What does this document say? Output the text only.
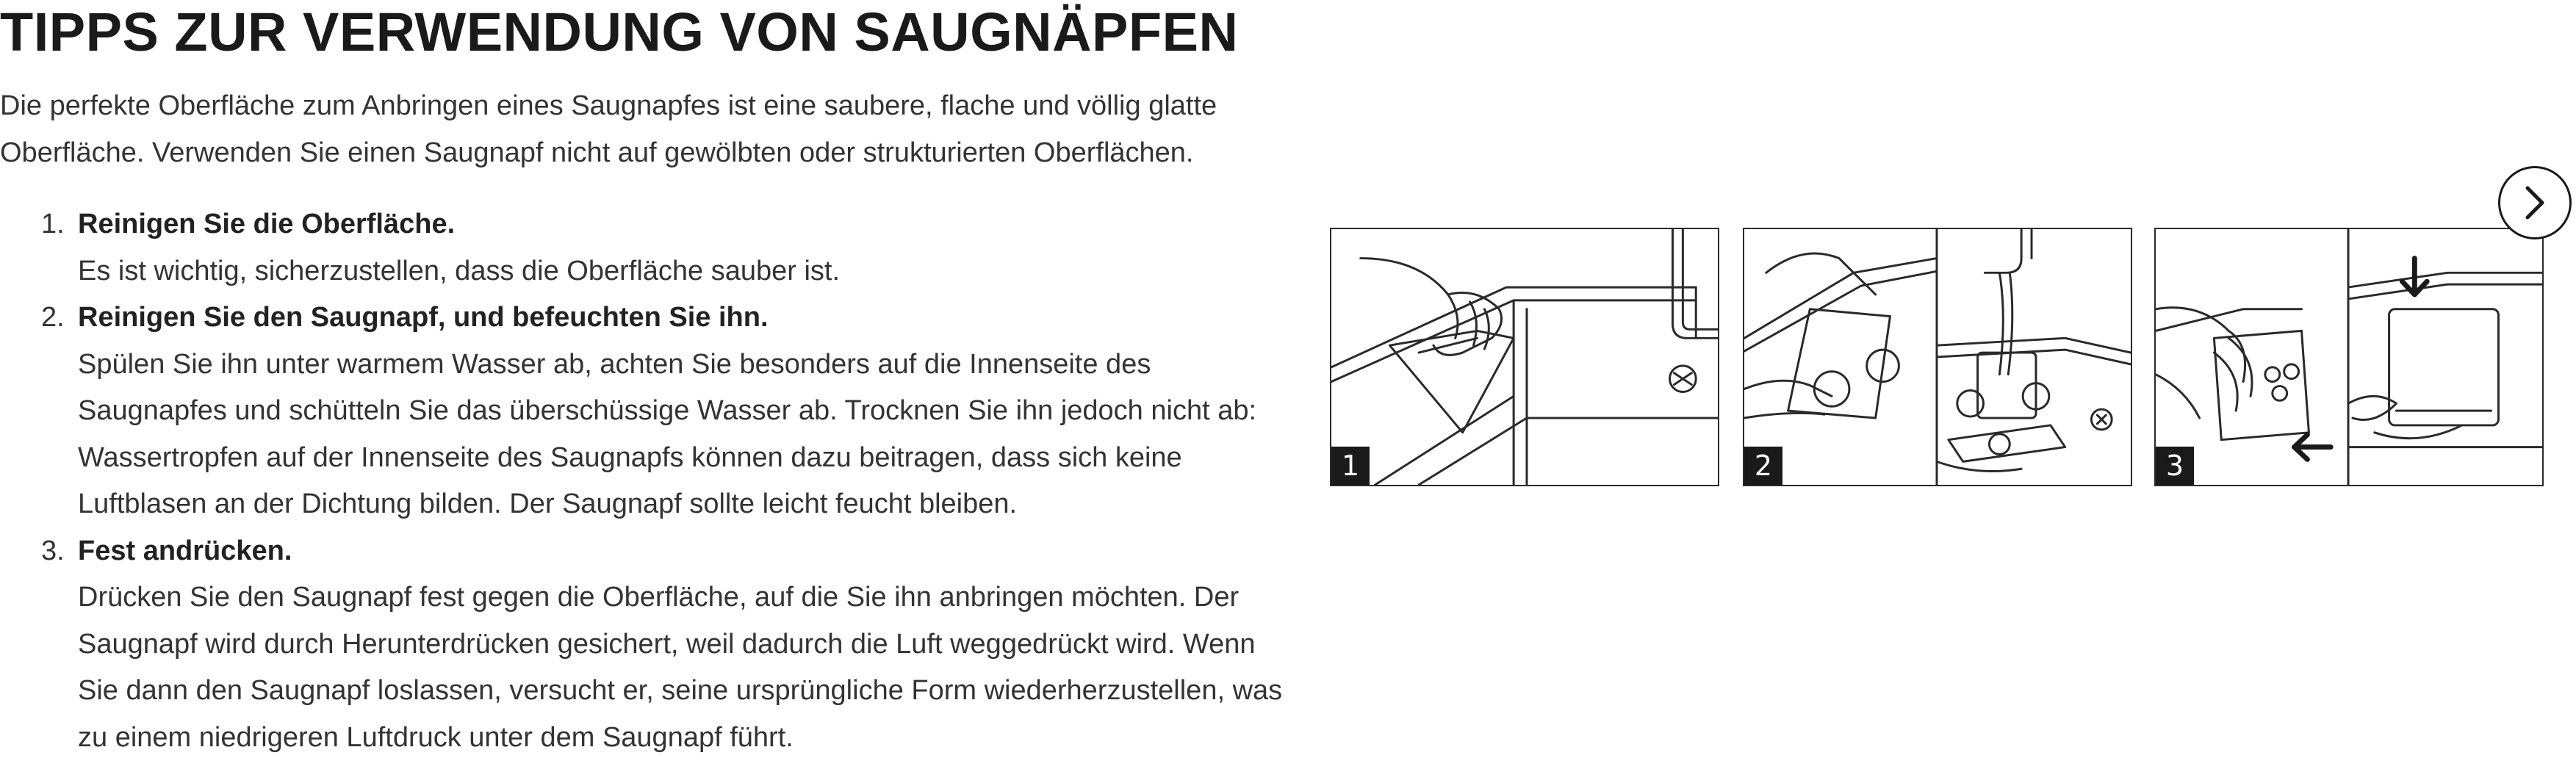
TIPPS ZUR VERWENDUNG VON SAUGNÄPFEN

Die perfekte Oberfläche zum Anbringen eines Saugnapfes ist eine saubere, flache und völlig glatte Oberfläche. Verwenden Sie einen Saugnapf nicht auf gewölbten oder strukturierten Oberflächen.

1. Reinigen Sie die Oberfläche.
Es ist wichtig, sicherzustellen, dass die Oberfläche sauber ist.
2. Reinigen Sie den Saugnapf, und befeuchten Sie ihn.
Spülen Sie ihn unter warmem Wasser ab, achten Sie besonders auf die Innenseite des Saugnapfes und schütteln Sie das überschüssige Wasser ab. Trocknen Sie ihn jedoch nicht ab: Wassertropfen auf der Innenseite des Saugnapfs können dazu beitragen, dass sich keine Luftblasen an der Dichtung bilden. Der Saugnapf sollte leicht feucht bleiben.
3. Fest andrücken.
Drücken Sie den Saugnapf fest gegen die Oberfläche, auf die Sie ihn anbringen möchten. Der Saugnapf wird durch Herunterdrücken gesichert, weil dadurch die Luft weggedrückt wird. Wenn Sie dann den Saugnapf loslassen, versucht er, seine ursprüngliche Form wiederherzustellen, was zu einem niedrigeren Luftdruck unter dem Saugnapf führt.
1	2	3
